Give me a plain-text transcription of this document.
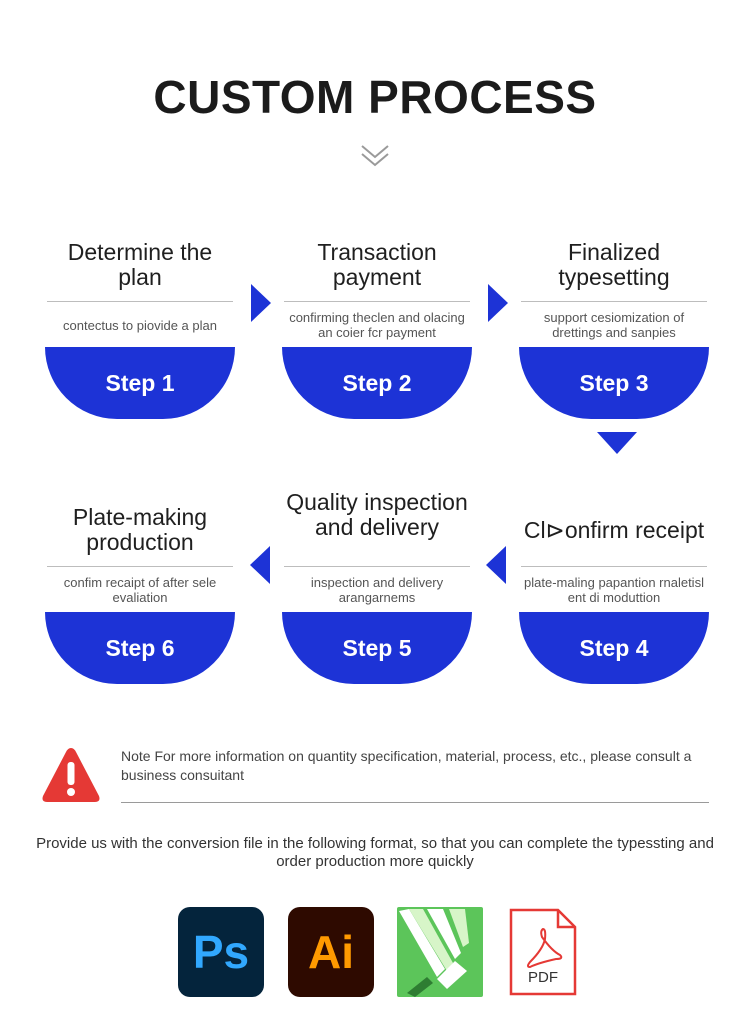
CUSTOM PROCESS
Determine the plan
contectus to piovide a plan
Step 1
Transaction payment
confirming theclen and olacing an coier fcr payment
Step 2
Finalized typesetting
support cesiomization of drettings and sanpies
Step 3
Plate-making production
confim recaipt of after sele evaliation
Step 6
Quality inspection and delivery
inspection and delivery arangarnems
Step 5
Cl⊳onfirm receipt
plate-maling papantion rnaletisl ent di moduttion
Step 4
Note For more information on quantity specification, material, process, etc., please consult a business consuitant
Provide us with the conversion file in the following format, so that you can complete the typessting and order production more quickly
Ps	Ai	PDF
